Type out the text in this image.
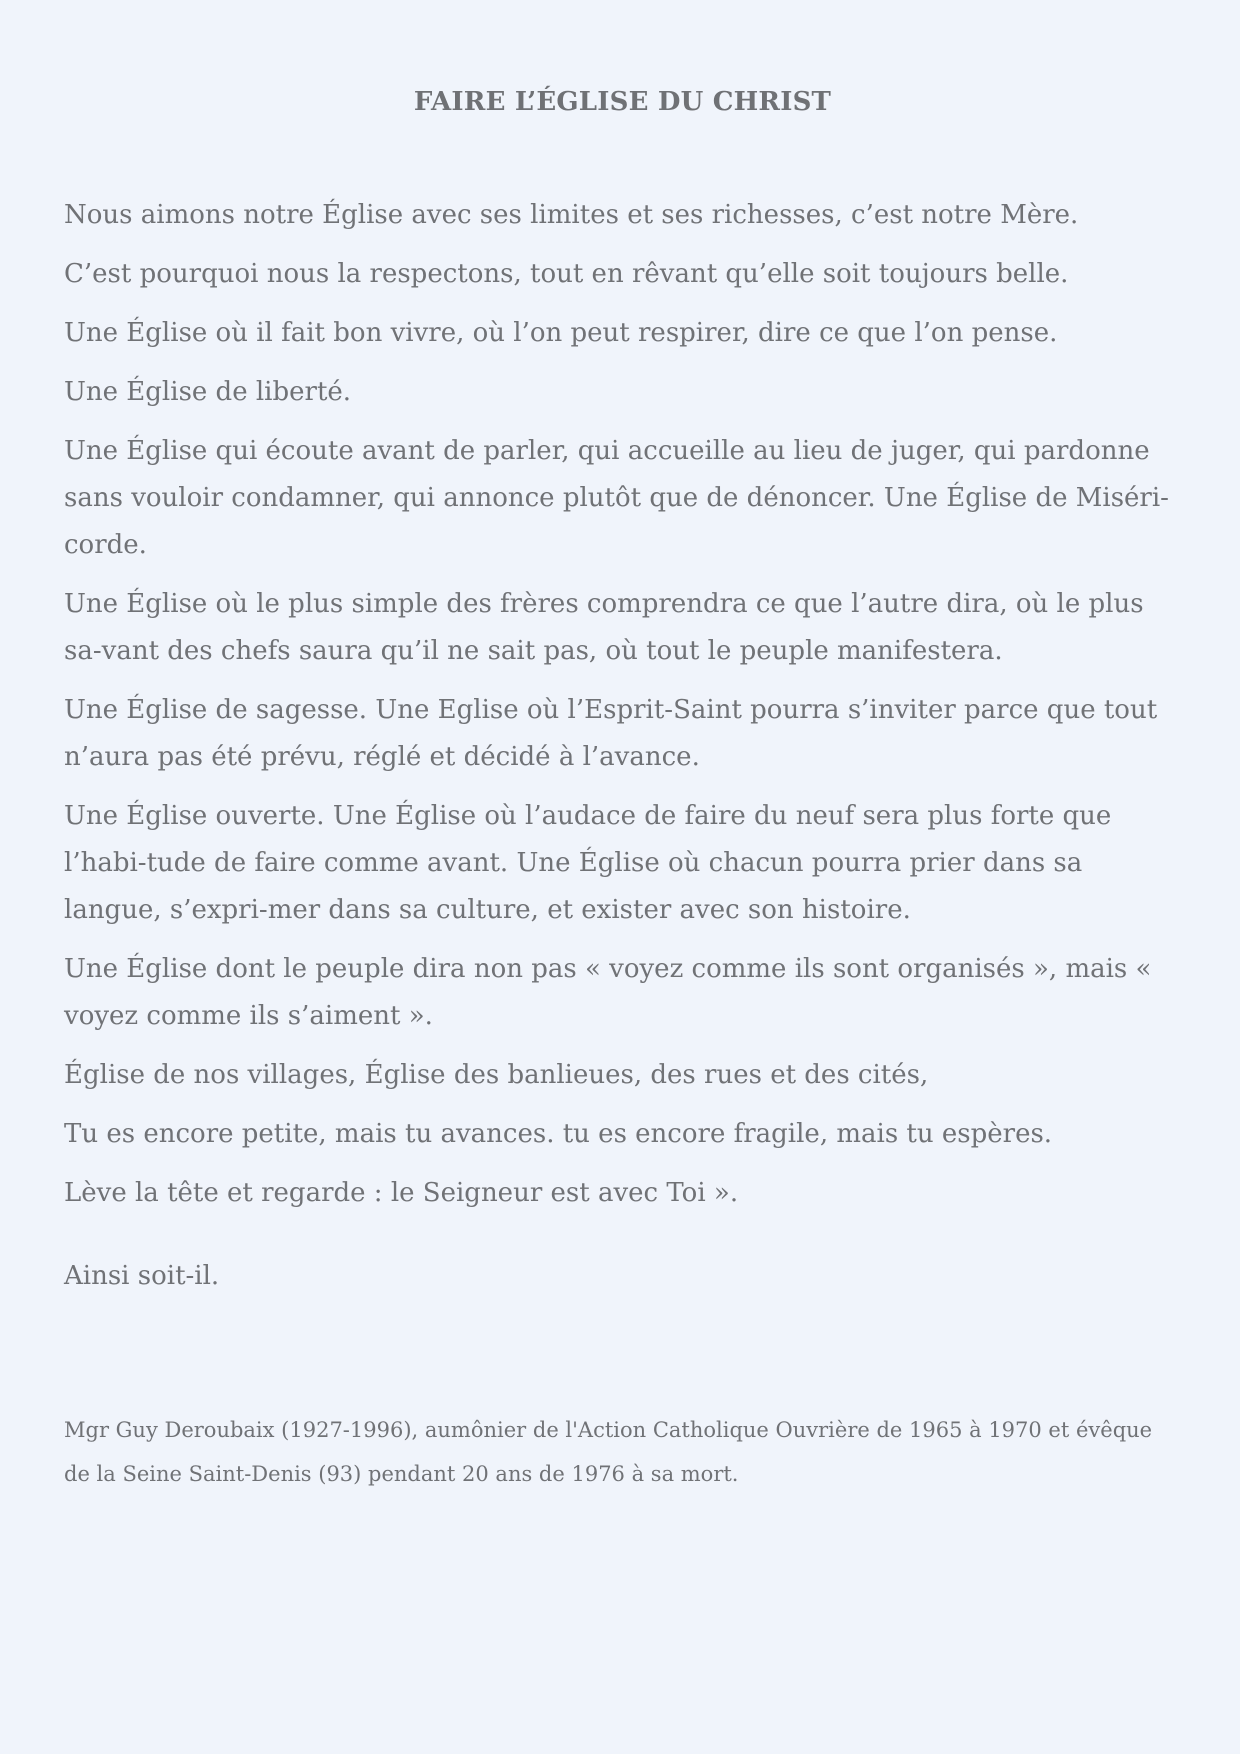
FAIRE L’ÉGLISE DU CHRIST

Nous aimons notre Église avec ses limites et ses richesses, c’est notre Mère.

C’est pourquoi nous la respectons, tout en rêvant qu’elle soit toujours belle.

Une Église où il fait bon vivre, où l’on peut respirer, dire ce que l’on pense.

Une Église de liberté.

Une Église qui écoute avant de parler, qui accueille au lieu de juger, qui pardonne sans vouloir condamner, qui annonce plutôt que de dénoncer. Une Église de Miséri-corde.

Une Église où le plus simple des frères comprendra ce que l’autre dira, où le plus sa-vant des chefs saura qu’il ne sait pas, où tout le peuple manifestera.

Une Église de sagesse. Une Eglise où l’Esprit-Saint pourra s’inviter parce que tout n’aura pas été prévu, réglé et décidé à l’avance.

Une Église ouverte. Une Église où l’audace de faire du neuf sera plus forte que l’habi-tude de faire comme avant. Une Église où chacun pourra prier dans sa langue, s’expri-mer dans sa culture, et exister avec son histoire.

Une Église dont le peuple dira non pas « voyez comme ils sont organisés », mais « voyez comme ils s’aiment ».

Église de nos villages, Église des banlieues, des rues et des cités,

Tu es encore petite, mais tu avances. tu es encore fragile, mais tu espères.

Lève la tête et regarde : le Seigneur est avec Toi ».

Ainsi soit-il.

Mgr Guy Deroubaix (1927-1996), aumônier de l'Action Catholique Ouvrière de 1965 à 1970 et évêque de la Seine Saint-Denis (93) pendant 20 ans de 1976 à sa mort.
